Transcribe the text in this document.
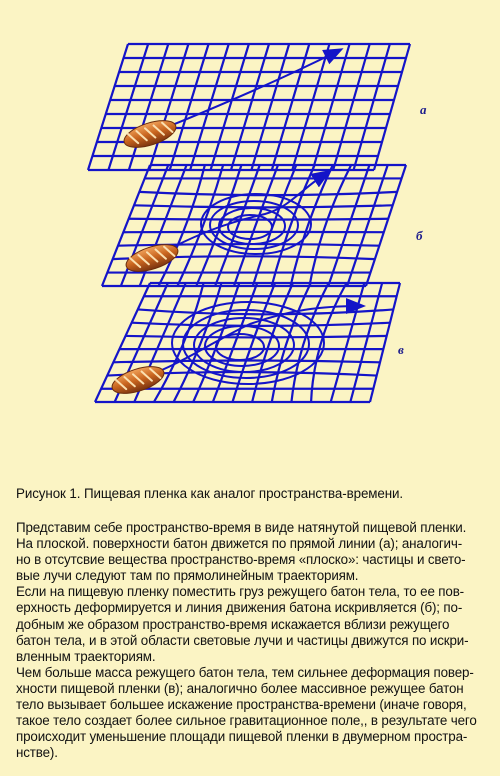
а
б
в

Рисунок 1. Пищевая пленка как аналог пространства-времени.

Представим себе пространство-время в виде натянутой пищевой пленки.
На плоской. поверхности батон движется по прямой линии (а); аналогич-
но в отсутсвие вещества пространство-время «плоско»: частицы и свето-
вые лучи следуют там по прямолинейным траекториям.

Если на пищевую пленку поместить груз режущего батон тела, то ее пов-
ерхность деформируется и линия движения батона искривляется (б); по-
добным же образом пространство-время искажается вблизи режущего
батон тела, и в этой области световые лучи и частицы движутся по искри-
вленным траекториям.

Чем больше масса режущего батон тела, тем сильнее деформация повер-
хности пищевой пленки (в); аналогично более массивное режущее батон
тело вызывает большее искажение пространства-времени (иначе говоря,
такое тело создает более сильное гравитационное поле,, в результате чего
происходит уменьшение площади пищевой пленки в двумерном простра-
нстве).
